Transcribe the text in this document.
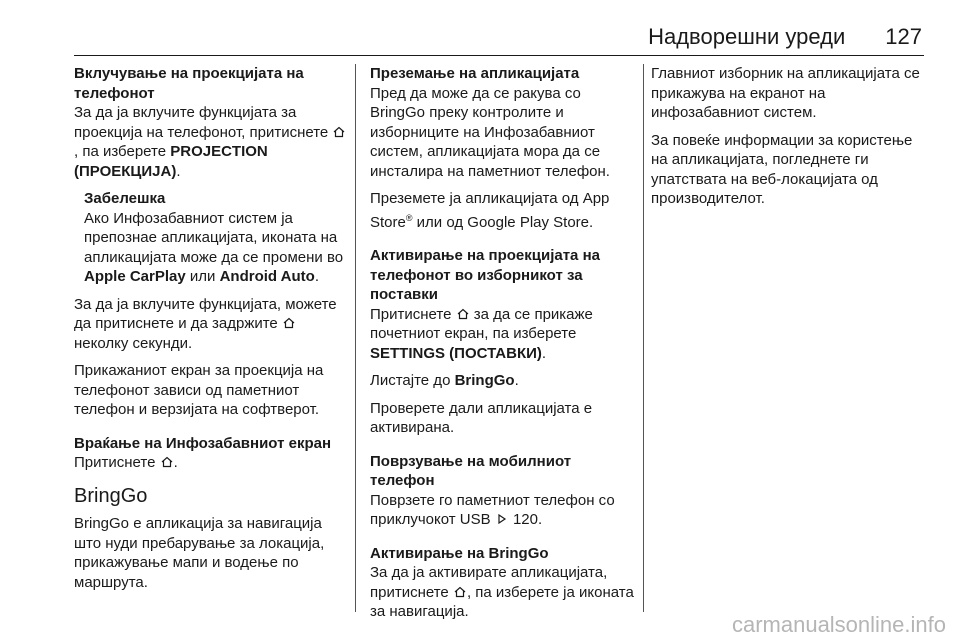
Надворешни уреди 127
Вклучување на проекцијата на телефонот

За да ја вклучите функцијата за проекција на телефонот, притиснете , па изберете PROJECTION (ПРОЕКЦИЈА).

Забелешка

Ако Инфозабавниот систем ја препознае апликацијата, иконата на апликацијата може да се промени во Apple CarPlay или Android Auto.

За да ја вклучите функцијата, можете да притиснете и да задржите  неколку секунди.

Прикажаниот екран за проекција на телефонот зависи од паметниот телефон и верзијата на софтверот.

Враќање на Инфозабавниот екран

Притиснете .

BringGo

BringGo е апликација за навигација што нуди пребарување за локација, прикажување мапи и водење по маршрута.

Преземање на апликацијата

Пред да може да се ракува со BringGo преку контролите и изборниците на Инфозабавниот систем, апликацијата мора да се инсталира на паметниот телефон.

Преземете ја апликацијата од App Store® или од Google Play Store.

Активирање на проекцијата на телефонот во изборникот за поставки

Притиснете за да се прикаже почетниот екран, па изберете SETTINGS (ПОСТАВКИ).

Листајте до BringGo.

Проверете дали апликацијата е активирана.

Поврзување на мобилниот телефон

Поврзете го паметниот телефон со приклучокот USB 120.

Активирање на BringGo

За да ја активирате апликацијата, притиснете , па изберете ја иконата за навигација.

Главниот изборник на апликацијата се прикажува на екранот на инфозабавниот систем.

За повеќе информации за користење на апликацијата, погледнете ги упатствата на веб-локацијата од производителот.

carmanualsonline.info
